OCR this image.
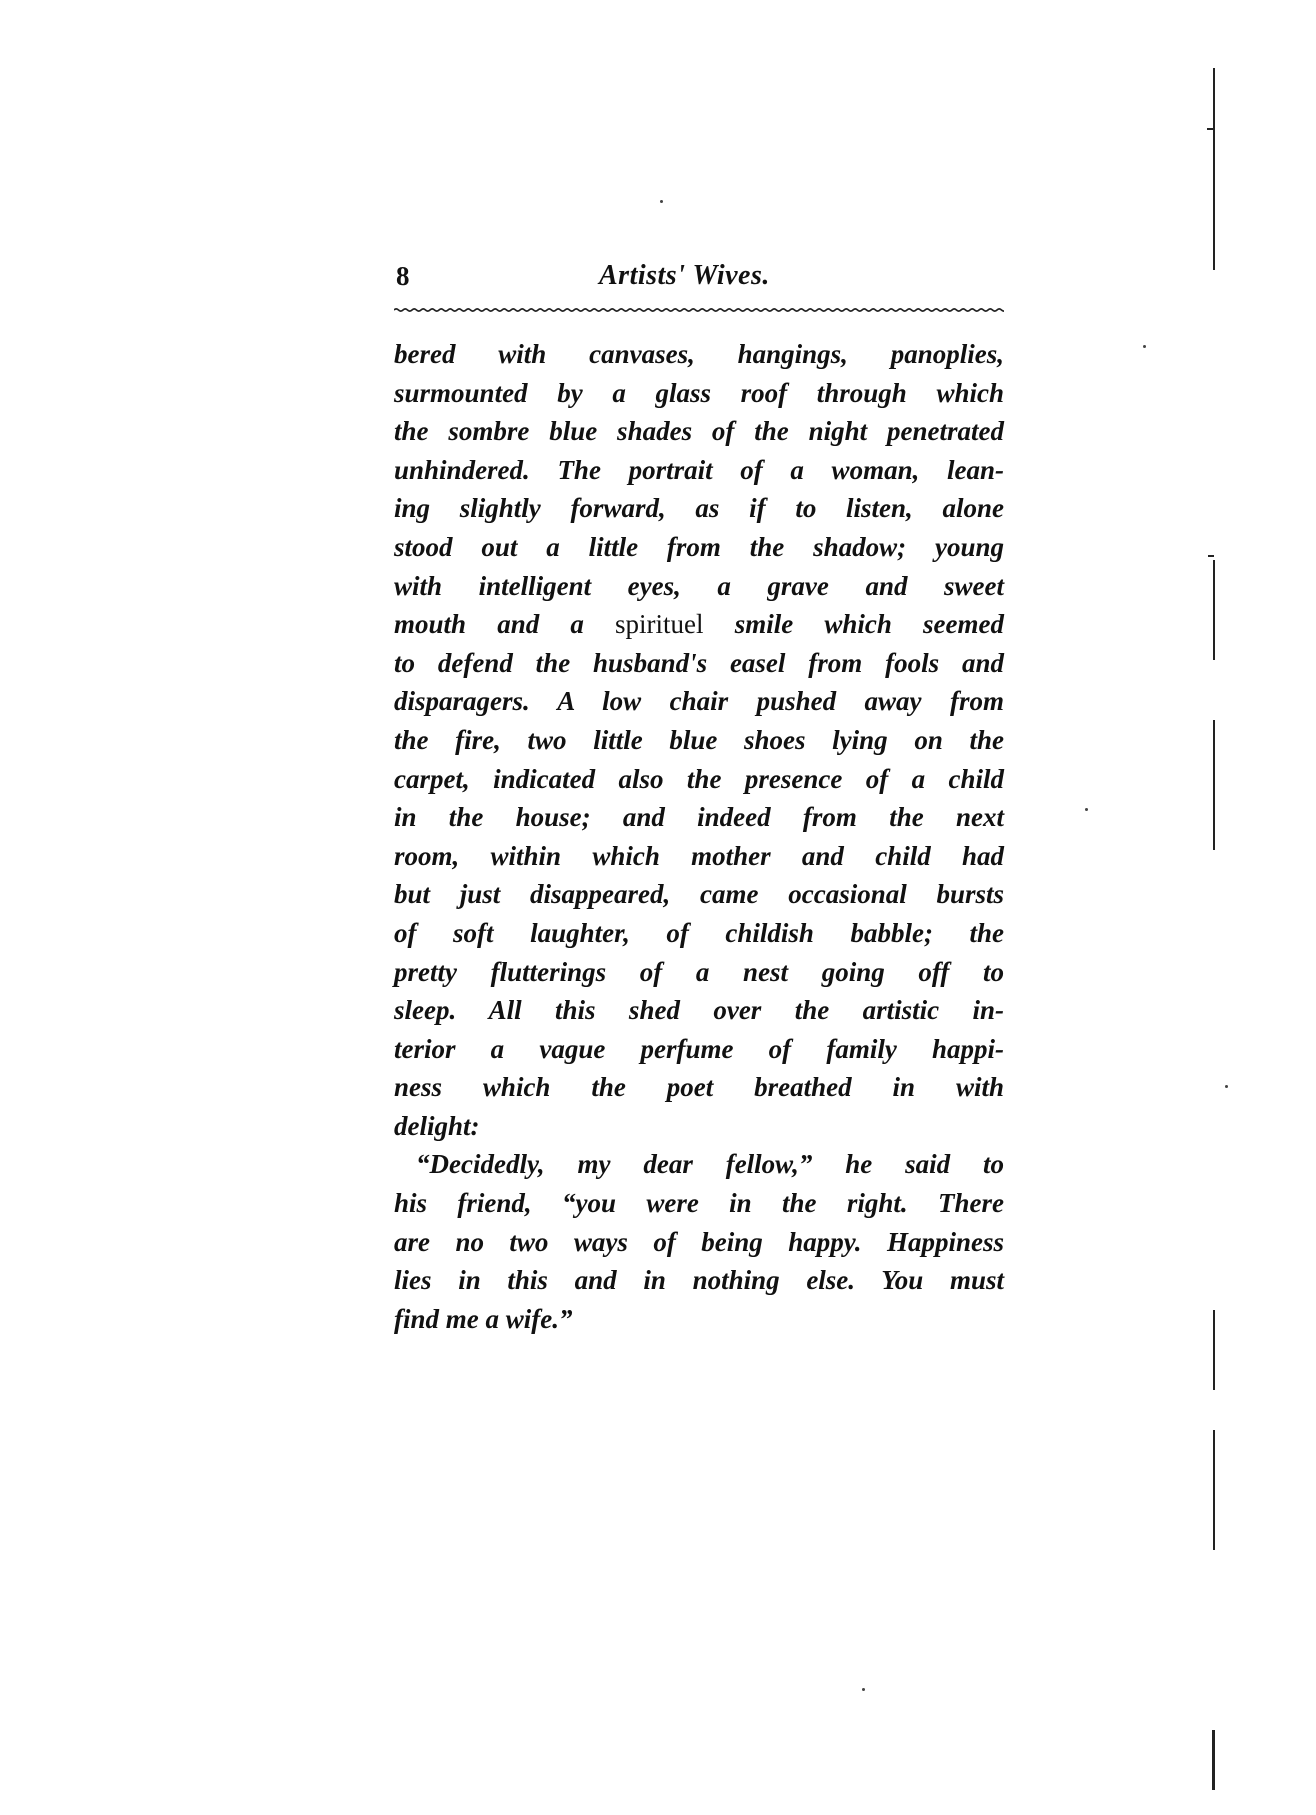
8	Artists' Wives.
bered with canvases, hangings, panoplies,
surmounted by a glass roof through which
the sombre blue shades of the night penetrated
unhindered. The portrait of a woman, lean-
ing slightly forward, as if to listen, alone
stood out a little from the shadow; young
with intelligent eyes, a grave and sweet
mouth and a spirituel smile which seemed
to defend the husband's easel from fools and
disparagers. A low chair pushed away from
the fire, two little blue shoes lying on the
carpet, indicated also the presence of a child
in the house; and indeed from the next
room, within which mother and child had
but just disappeared, came occasional bursts
of soft laughter, of childish babble; the
pretty flutterings of a nest going off to
sleep. All this shed over the artistic in-
terior a vague perfume of family happi-
ness which the poet breathed in with
delight:
“Decidedly, my dear fellow,” he said to
his friend, “you were in the right. There
are no two ways of being happy. Happiness
lies in this and in nothing else. You must
find me a wife.”
